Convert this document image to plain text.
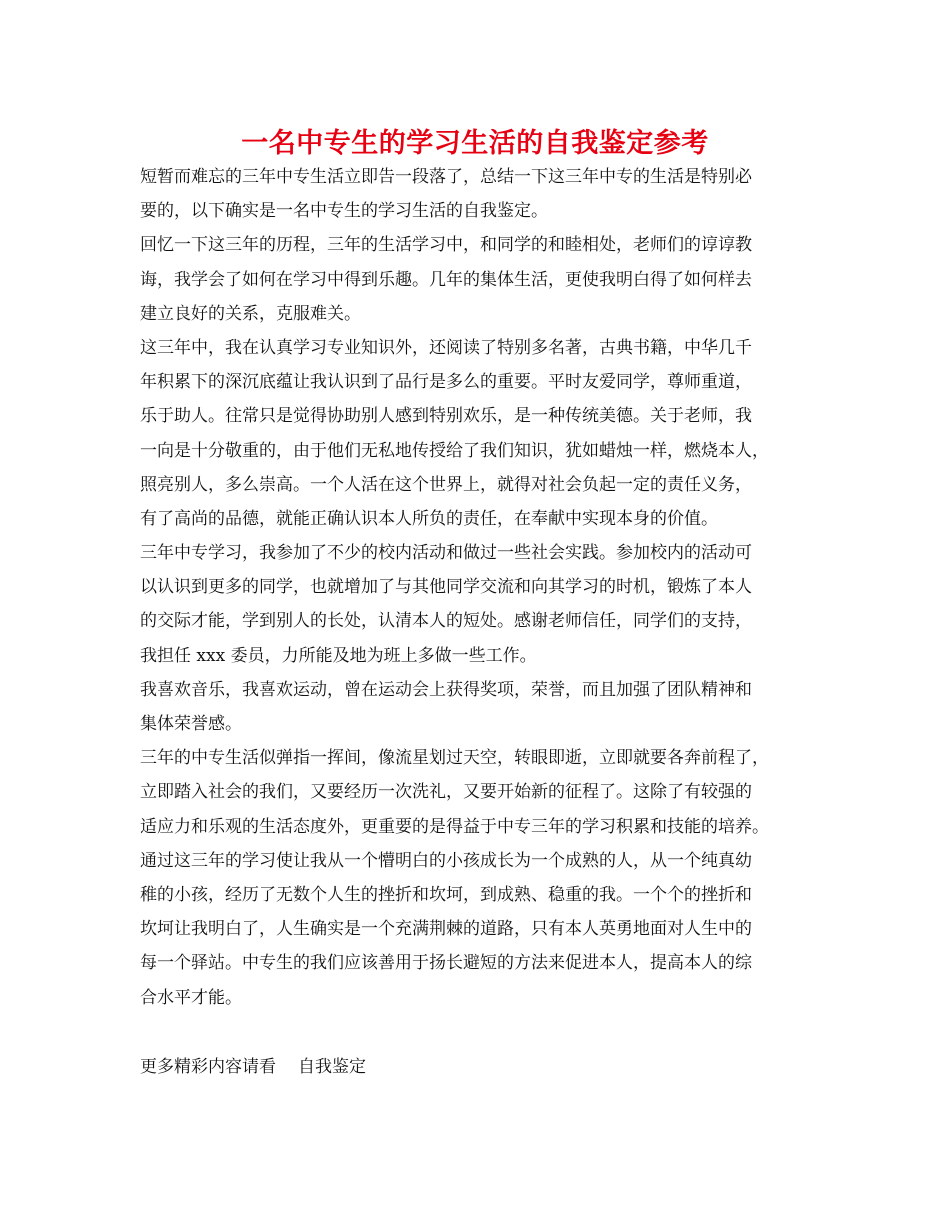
一名中专生的学习生活的自我鉴定参考
短暂而难忘的三年中专生活立即告一段落了，总结一下这三年中专的生活是特别必
要的，以下确实是一名中专生的学习生活的自我鉴定。
回忆一下这三年的历程，三年的生活学习中，和同学的和睦相处，老师们的谆谆教
诲，我学会了如何在学习中得到乐趣。几年的集体生活，更使我明白得了如何样去
建立良好的关系，克服难关。
这三年中，我在认真学习专业知识外，还阅读了特别多名著，古典书籍，中华几千
年积累下的深沉底蕴让我认识到了品行是多么的重要。平时友爱同学，尊师重道，
乐于助人。往常只是觉得协助别人感到特别欢乐，是一种传统美德。关于老师，我
一向是十分敬重的，由于他们无私地传授给了我们知识，犹如蜡烛一样，燃烧本人，
照亮别人，多么崇高。一个人活在这个世界上，就得对社会负起一定的责任义务，
有了高尚的品德，就能正确认识本人所负的责任，在奉献中实现本身的价值。
三年中专学习，我参加了不少的校内活动和做过一些社会实践。参加校内的活动可
以认识到更多的同学，也就增加了与其他同学交流和向其学习的时机，锻炼了本人
的交际才能，学到别人的长处，认清本人的短处。感谢老师信任，同学们的支持，
我担任 xxx 委员，力所能及地为班上多做一些工作。
我喜欢音乐，我喜欢运动，曾在运动会上获得奖项，荣誉，而且加强了团队精神和
集体荣誉感。
三年的中专生活似弹指一挥间，像流星划过天空，转眼即逝，立即就要各奔前程了，
立即踏入社会的我们，又要经历一次洗礼，又要开始新的征程了。这除了有较强的
适应力和乐观的生活态度外，更重要的是得益于中专三年的学习积累和技能的培养。
通过这三年的学习使让我从一个懵明白的小孩成长为一个成熟的人，从一个纯真幼
稚的小孩，经历了无数个人生的挫折和坎坷，到成熟、稳重的我。一个个的挫折和
坎坷让我明白了，人生确实是一个充满荆棘的道路，只有本人英勇地面对人生中的
每一个驿站。中专生的我们应该善用于扬长避短的方法来促进本人，提高本人的综
合水平才能。
更多精彩内容请看 自我鉴定
